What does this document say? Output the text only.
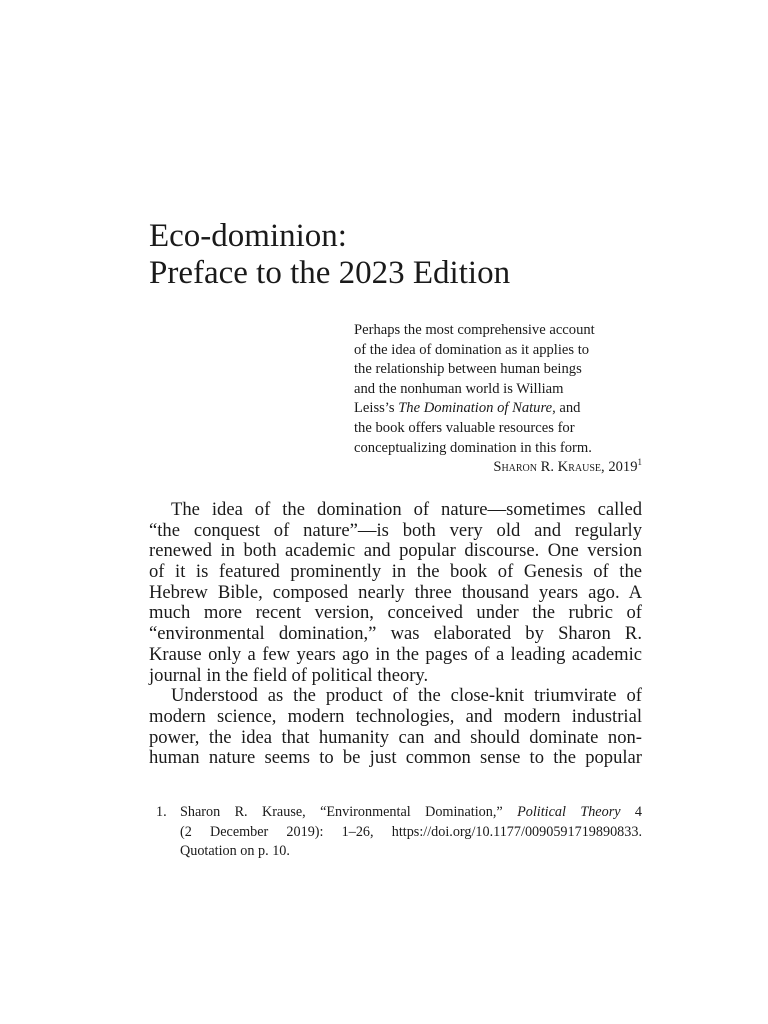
Eco-dominion:
Preface to the 2023 Edition
Perhaps the most comprehensive account
of the idea of domination as it applies to
the relationship between human beings
and the nonhuman world is William
Leiss’s The Domination of Nature, and
the book offers valuable resources for
conceptualizing domination in this form.
Sharon R. Krause, 2019$^1$
The idea of the domination of nature—sometimes called
“the conquest of nature”—is both very old and regularly
renewed in both academic and popular discourse. One version
of it is featured prominently in the book of Genesis of the
Hebrew Bible, composed nearly three thousand years ago. A
much more recent version, conceived under the rubric of
“environmental domination,” was elaborated by Sharon R.
Krause only a few years ago in the pages of a leading academic
journal in the field of political theory.
Understood as the product of the close-knit triumvirate of
modern science, modern technologies, and modern industrial
power, the idea that humanity can and should dominate non-
human nature seems to be just common sense to the popular
1. Sharon R. Krause, “Environmental Domination,” Political Theory 4
(2 December 2019): 1–26, https://doi.org/10.1177/0090591719890833.
Quotation on p. 10.
